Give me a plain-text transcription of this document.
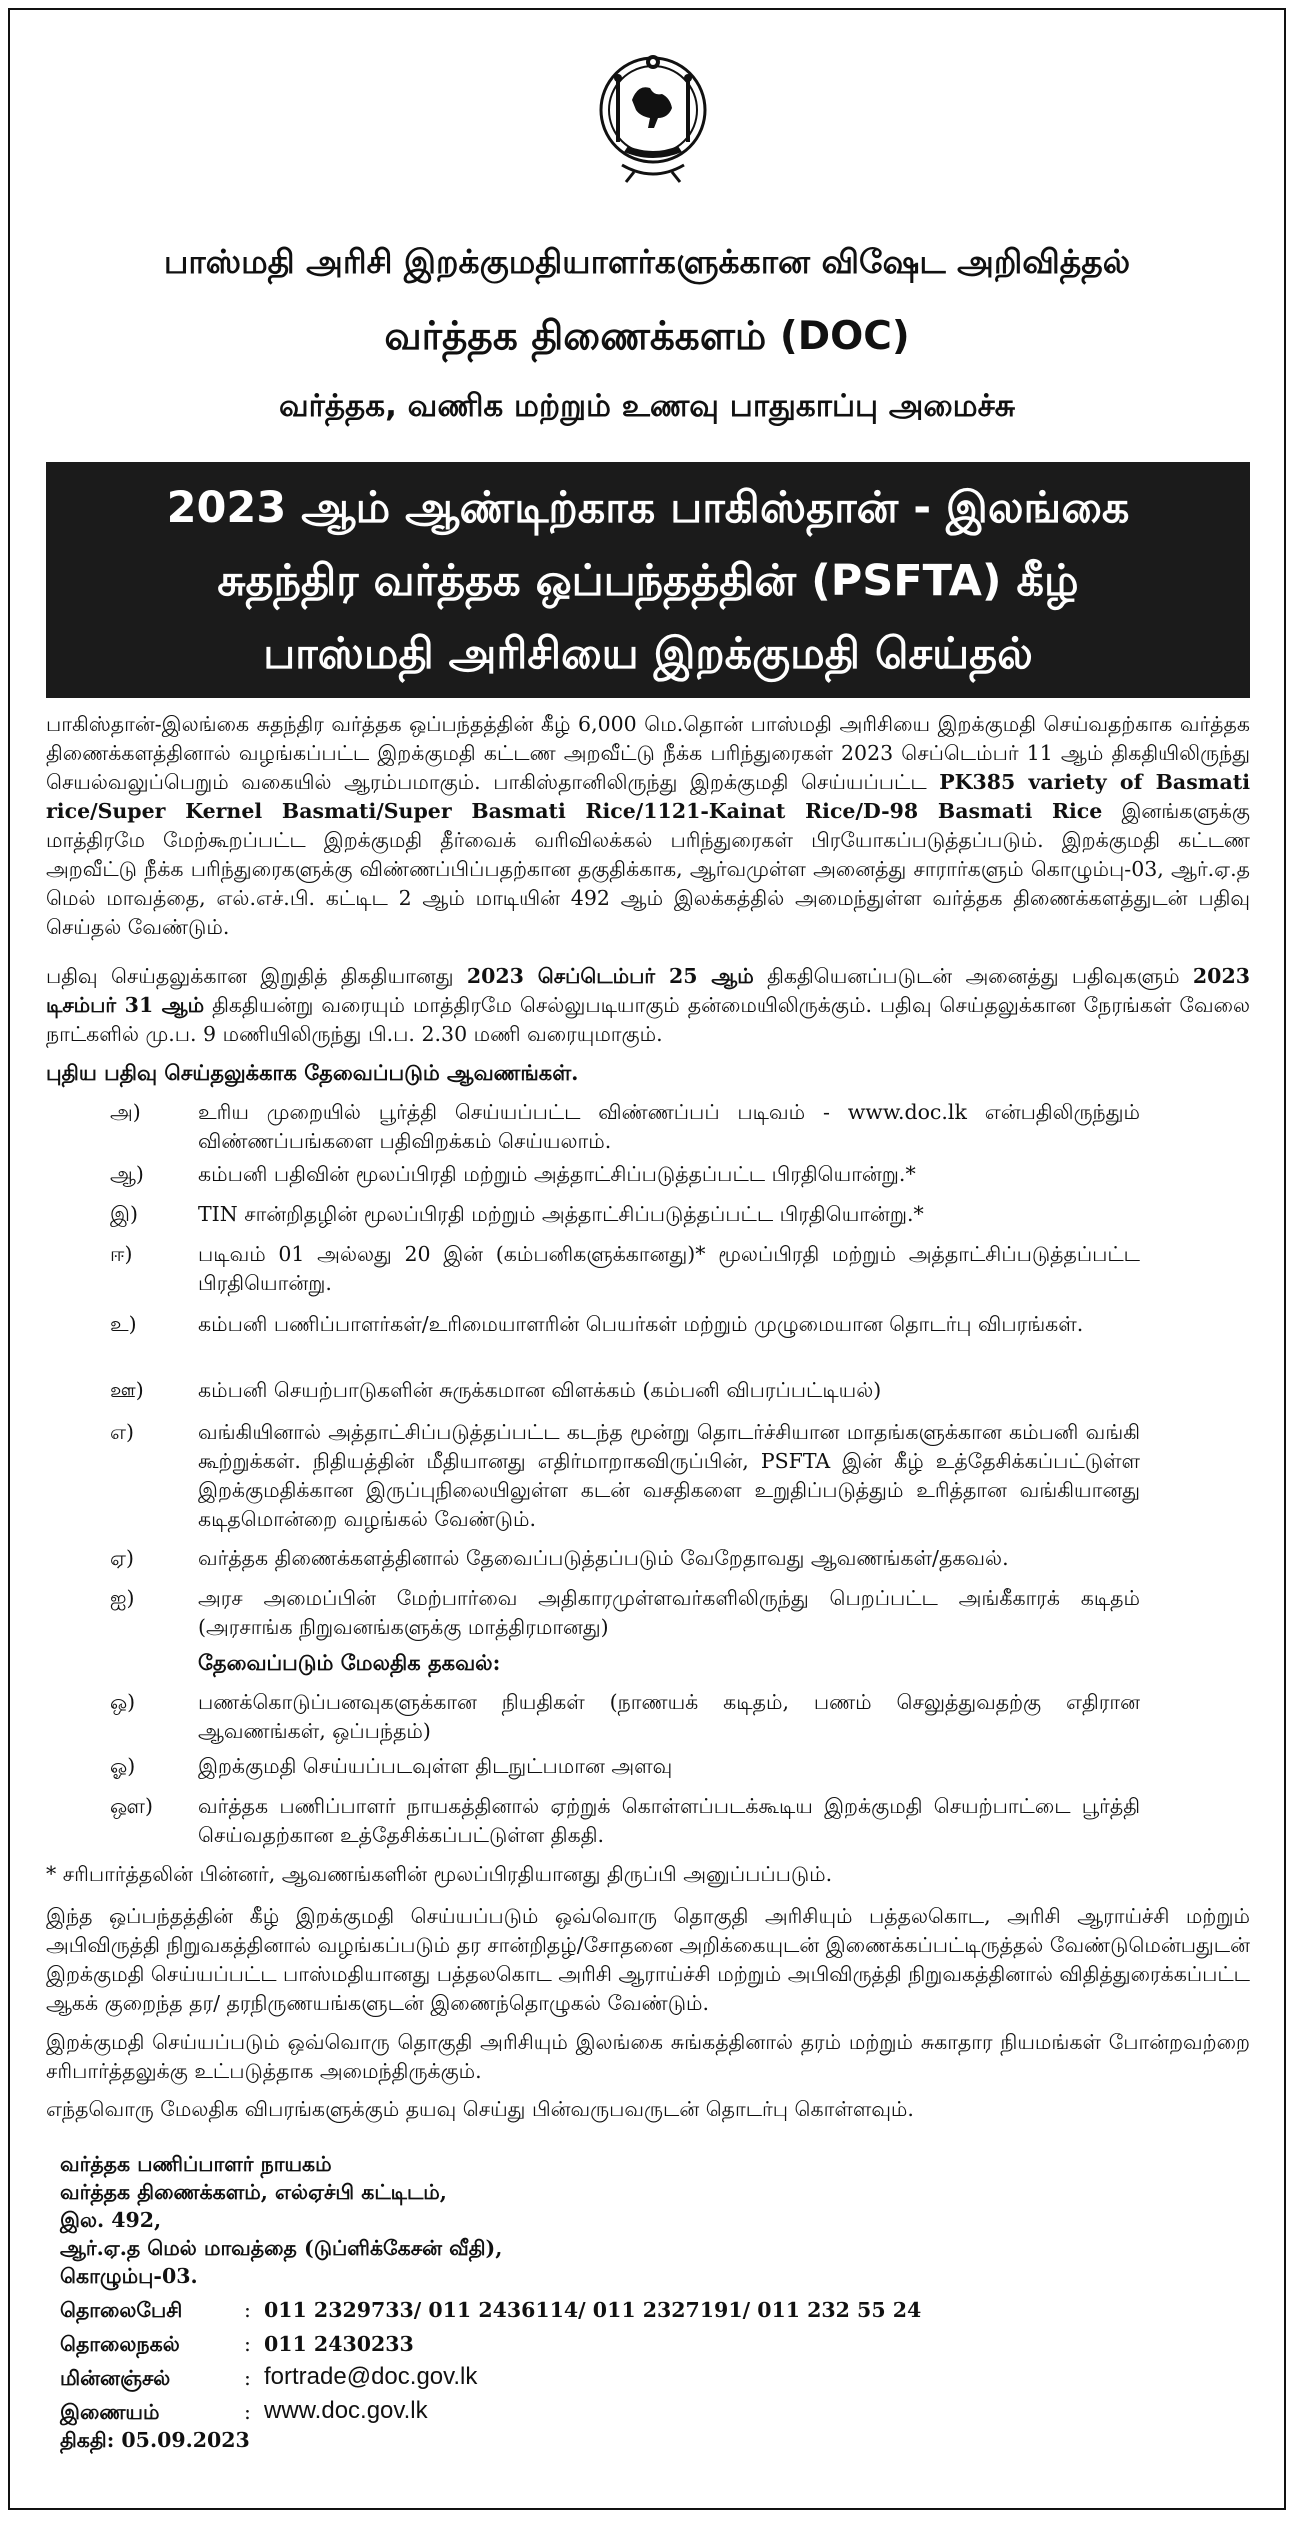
பாஸ்மதி அரிசி இறக்குமதியாளர்களுக்கான விஷேட அறிவித்தல்
வர்த்தக திணைக்களம் (DOC)
வர்த்தக, வணிக மற்றும் உணவு பாதுகாப்பு அமைச்சு
2023 ஆம் ஆண்டிற்காக பாகிஸ்தான் - இலங்கை
சுதந்திர வர்த்தக ஒப்பந்தத்தின் (PSFTA) கீழ்
பாஸ்மதி அரிசியை இறக்குமதி செய்தல்
பாகிஸ்தான்-இலங்கை சுதந்திர வர்த்தக ஒப்பந்தத்தின் கீழ் 6,000 மெ.தொன் பாஸ்மதி அரிசியை இறக்குமதி செய்வதற்காக வர்த்தக திணைக்களத்தினால் வழங்கப்பட்ட இறக்குமதி கட்டண அறவீட்டு நீக்க பரிந்துரைகள் 2023 செப்டெம்பர் 11 ஆம் திகதியிலிருந்து செயல்வலுப்பெறும் வகையில் ஆரம்பமாகும். பாகிஸ்தானிலிருந்து இறக்குமதி செய்யப்பட்ட PK385 variety of Basmati rice/Super Kernel Basmati/Super Basmati Rice/1121-Kainat Rice/D-98 Basmati Rice இனங்களுக்கு மாத்திரமே மேற்கூறப்பட்ட இறக்குமதி தீர்வைக் வரிவிலக்கல் பரிந்துரைகள் பிரயோகப்படுத்தப்படும். இறக்குமதி கட்டண அறவீட்டு நீக்க பரிந்துரைகளுக்கு விண்ணப்பிப்பதற்கான தகுதிக்காக, ஆர்வமுள்ள அனைத்து சாரார்களும் கொழும்பு-03, ஆர்.ஏ.த மெல் மாவத்தை, எல்.எச்.பி. கட்டிட 2 ஆம் மாடியின் 492 ஆம் இலக்கத்தில் அமைந்துள்ள வர்த்தக திணைக்களத்துடன் பதிவு செய்தல் வேண்டும்.
பதிவு செய்தலுக்கான இறுதித் திகதியானது 2023 செப்டெம்பர் 25 ஆம் திகதியெனப்படுடன் அனைத்து பதிவுகளும் 2023 டிசம்பர் 31 ஆம் திகதியன்று வரையும் மாத்திரமே செல்லுபடியாகும் தன்மையிலிருக்கும். பதிவு செய்தலுக்கான நேரங்கள் வேலை நாட்களில் மு.ப. 9 மணியிலிருந்து பி.ப. 2.30 மணி வரையுமாகும்.
புதிய பதிவு செய்தலுக்காக தேவைப்படும் ஆவணங்கள்.
அ)	உரிய முறையில் பூர்த்தி செய்யப்பட்ட விண்ணப்பப் படிவம் - www.doc.lk என்பதிலிருந்தும் விண்ணப்பங்களை பதிவிறக்கம் செய்யலாம்.
ஆ)	கம்பனி பதிவின் மூலப்பிரதி மற்றும் அத்தாட்சிப்படுத்தப்பட்ட பிரதியொன்று.*
இ)	TIN சான்றிதழின் மூலப்பிரதி மற்றும் அத்தாட்சிப்படுத்தப்பட்ட பிரதியொன்று.*
ஈ)	படிவம் 01 அல்லது 20 இன் (கம்பனிகளுக்கானது)* மூலப்பிரதி மற்றும் அத்தாட்சிப்படுத்தப்பட்ட பிரதியொன்று.
உ)	கம்பனி பணிப்பாளர்கள்/உரிமையாளரின் பெயர்கள் மற்றும் முழுமையான தொடர்பு விபரங்கள்.
ஊ)	கம்பனி செயற்பாடுகளின் சுருக்கமான விளக்கம் (கம்பனி விபரப்பட்டியல்)
எ)	வங்கியினால் அத்தாட்சிப்படுத்தப்பட்ட கடந்த மூன்று தொடர்ச்சியான மாதங்களுக்கான கம்பனி வங்கி கூற்றுக்கள். நிதியத்தின் மீதியானது எதிர்மாறாகவிருப்பின், PSFTA இன் கீழ் உத்தேசிக்கப்பட்டுள்ள இறக்குமதிக்கான இருப்புநிலையிலுள்ள கடன் வசதிகளை உறுதிப்படுத்தும் உரித்தான வங்கியானது கடிதமொன்றை வழங்கல் வேண்டும்.
ஏ)	வர்த்தக திணைக்களத்தினால் தேவைப்படுத்தப்படும் வேறேதாவது ஆவணங்கள்/தகவல்.
ஐ)	அரச அமைப்பின் மேற்பார்வை அதிகாரமுள்ளவர்களிலிருந்து பெறப்பட்ட அங்கீகாரக் கடிதம் (அரசாங்க நிறுவனங்களுக்கு மாத்திரமானது)
தேவைப்படும் மேலதிக தகவல்:
ஒ)	பணக்கொடுப்பனவுகளுக்கான நியதிகள் (நாணயக் கடிதம், பணம் செலுத்துவதற்கு எதிரான ஆவணங்கள், ஒப்பந்தம்)
ஓ)	இறக்குமதி செய்யப்படவுள்ள திடநுட்பமான அளவு
ஔ)	வர்த்தக பணிப்பாளர் நாயகத்தினால் ஏற்றுக் கொள்ளப்படக்கூடிய இறக்குமதி செயற்பாட்டை பூர்த்தி செய்வதற்கான உத்தேசிக்கப்பட்டுள்ள திகதி.
* சரிபார்த்தலின் பின்னர், ஆவணங்களின் மூலப்பிரதியானது திருப்பி அனுப்பப்படும்.
இந்த ஒப்பந்தத்தின் கீழ் இறக்குமதி செய்யப்படும் ஒவ்வொரு தொகுதி அரிசியும் பத்தலகொட, அரிசி ஆராய்ச்சி மற்றும் அபிவிருத்தி நிறுவகத்தினால் வழங்கப்படும் தர சான்றிதழ்/சோதனை அறிக்கையுடன் இணைக்கப்பட்டிருத்தல் வேண்டுமென்பதுடன் இறக்குமதி செய்யப்பட்ட பாஸ்மதியானது பத்தலகொட அரிசி ஆராய்ச்சி மற்றும் அபிவிருத்தி நிறுவகத்தினால் விதித்துரைக்கப்பட்ட ஆகக் குறைந்த தர/ தரநிருணயங்களுடன் இணைந்தொழுகல் வேண்டும்.
இறக்குமதி செய்யப்படும் ஒவ்வொரு தொகுதி அரிசியும் இலங்கை சுங்கத்தினால் தரம் மற்றும் சுகாதார நியமங்கள் போன்றவற்றை சரிபார்த்தலுக்கு உட்படுத்தாக அமைந்திருக்கும்.
எந்தவொரு மேலதிக விபரங்களுக்கும் தயவு செய்து பின்வருபவருடன் தொடர்பு கொள்ளவும்.
வர்த்தக பணிப்பாளர் நாயகம்
வர்த்தக திணைக்களம், எல்ஏச்பி கட்டிடம்,
இல. 492,
ஆர்.ஏ.த மெல் மாவத்தை (டுப்ளிக்கேசன் வீதி),
கொழும்பு-03.
தொலைபேசி	: 011 2329733/ 011 2436114/ 011 2327191/ 011 232 55 24
தொலைநகல்	: 011 2430233
மின்னஞ்சல்	: fortrade@doc.gov.lk
இணையம்	: www.doc.gov.lk
திகதி: 05.09.2023
